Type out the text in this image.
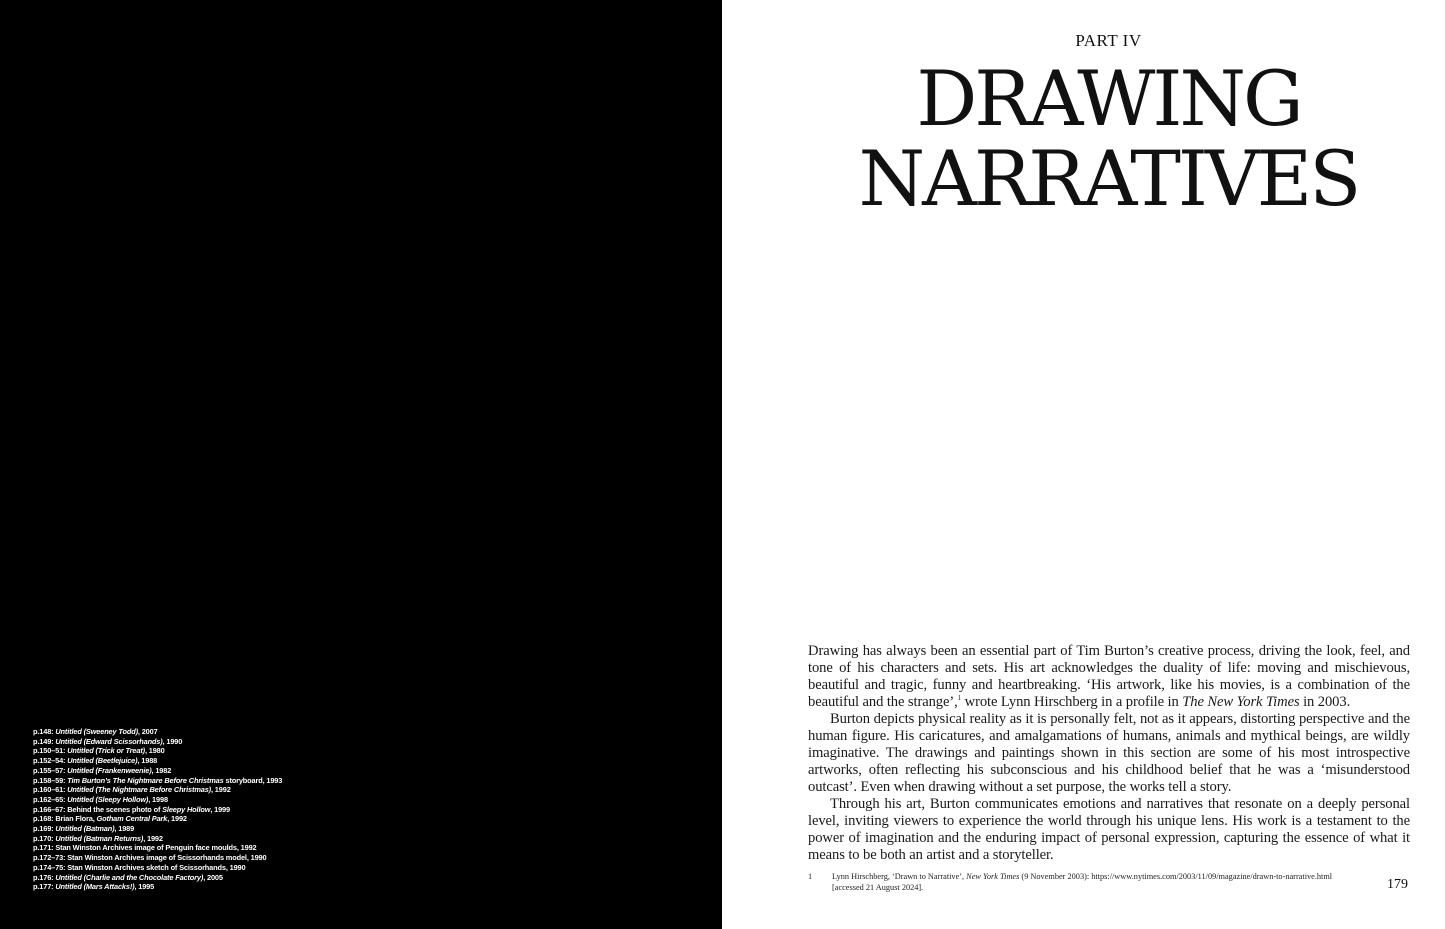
p.148: Untitled (Sweeney Todd), 2007
p.149: Untitled (Edward Scissorhands), 1990
p.150–51: Untitled (Trick or Treat), 1980
p.152–54: Untitled (Beetlejuice), 1988
p.155–57: Untitled (Frankenweenie), 1982
p.158–59: Tim Burton’s The Nightmare Before Christmas storyboard, 1993
p.160–61: Untitled (The Nightmare Before Christmas), 1992
p.162–65: Untitled (Sleepy Hollow), 1998
p.166–67: Behind the scenes photo of Sleepy Hollow, 1999
p.168: Brian Flora, Gotham Central Park, 1992
p.169: Untitled (Batman), 1989
p.170: Untitled (Batman Returns), 1992
p.171: Stan Winston Archives image of Penguin face moulds, 1992
p.172–73: Stan Winston Archives image of Scissorhands model, 1990
p.174–75: Stan Winston Archives sketch of Scissorhands, 1990
p.176: Untitled (Charlie and the Chocolate Factory), 2005
p.177: Untitled (Mars Attacks!), 1995
PART IV
DRAWING
NARRATIVES

Drawing has always been an essential part of Tim Burton’s creative process, driving the look, feel, and tone of his characters and sets. His art acknowledges the duality of life: moving and mischievous, beautiful and tragic, funny and heartbreaking. ‘His artwork, like his movies, is a combination of the beautiful and the strange’,$^1$ wrote Lynn Hirschberg in a profile in The New York Times in 2003.

Burton depicts physical reality as it is personally felt, not as it appears, distorting perspective and the human figure. His caricatures, and amalgamations of humans, animals and mythical beings, are wildly imaginative. The drawings and paintings shown in this section are some of his most introspective artworks, often reflecting his subconscious and his childhood belief that he was a ‘misunderstood outcast’. Even when drawing without a set purpose, the works tell a story.

Through his art, Burton communicates emotions and narratives that resonate on a deeply personal level, inviting viewers to experience the world through his unique lens. His work is a testament to the power of imagination and the enduring impact of personal expression, capturing the essence of what it means to be both an artist and a storyteller.

1 Lynn Hirschberg, ‘Drawn to Narrative’, New York Times (9 November 2003): https://www.nytimes.com/2003/11/09/magazine/drawn-to-narrative.html [accessed 21 August 2024].	179
